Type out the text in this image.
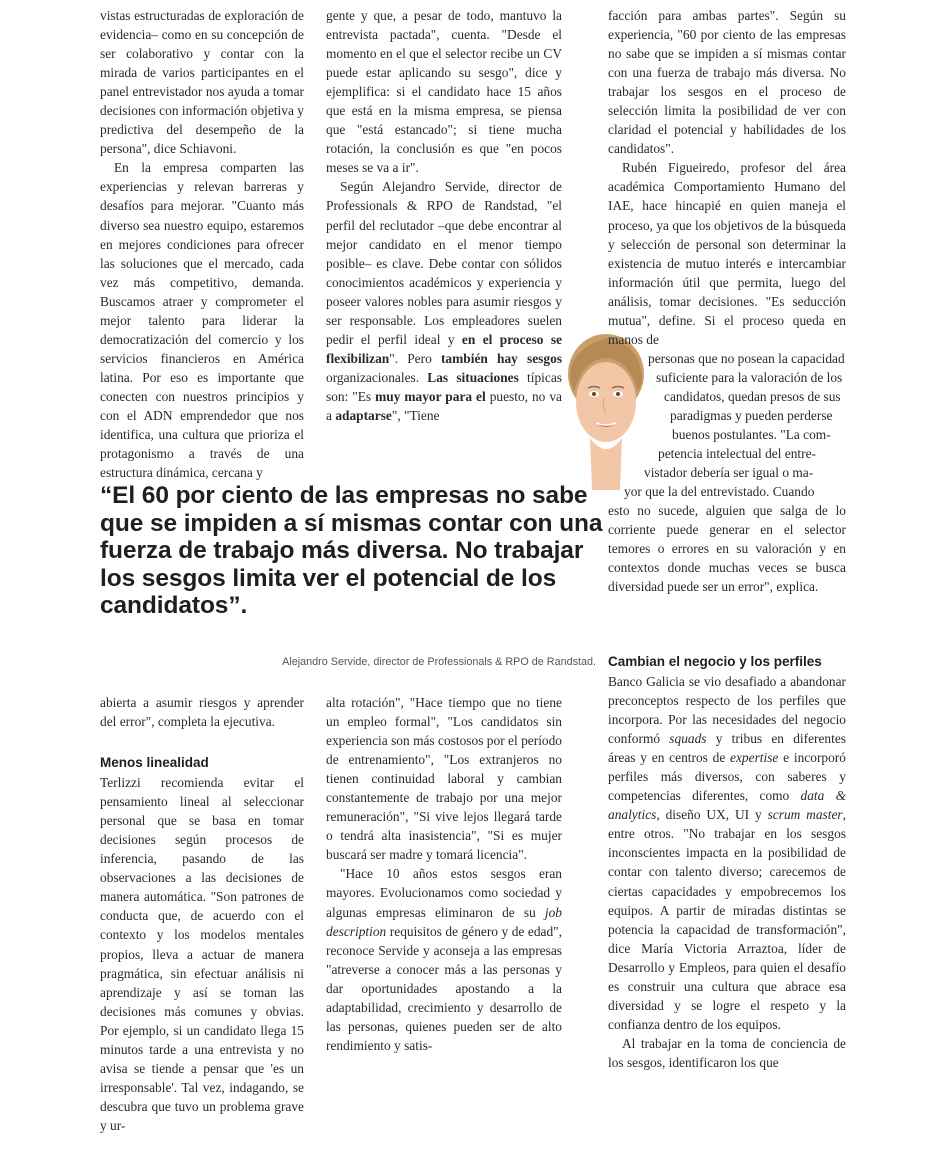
vistas estructuradas de exploración de evidencia– como en su concepción de ser colaborativo y contar con la mirada de varios participantes en el panel entrevistador nos ayuda a tomar decisiones con información objetiva y predictiva del desempeño de la persona", dice Schiavoni.

En la empresa comparten las experiencias y relevan barreras y desafíos para mejorar. "Cuanto más diverso sea nuestro equipo, estaremos en mejores condiciones para ofrecer las soluciones que el mercado, cada vez más competitivo, demanda. Buscamos atraer y comprometer el mejor talento para liderar la democratización del comercio y los servicios financieros en América latina. Por eso es importante que conecten con nuestros principios y con el ADN emprendedor que nos identifica, una cultura que prioriza el protagonismo a través de una estructura dinámica, cercana y

gente y que, a pesar de todo, mantuvo la entrevista pactada", cuenta. "Desde el momento en el que el selector recibe un CV puede estar aplicando su sesgo", dice y ejemplifica: si el candidato hace 15 años que está en la misma empresa, se piensa que "está estancado"; si tiene mucha rotación, la conclusión es que "en pocos meses se va a ir".

Según Alejandro Servide, director de Professionals & RPO de Randstad, "el perfil del reclutador –que debe encontrar al mejor candidato en el menor tiempo posible– es clave. Debe contar con sólidos conocimientos académicos y experiencia y poseer valores nobles para asumir riesgos y ser responsable. Los empleadores suelen pedir el perfil ideal y en el proceso se flexibilizan". Pero también hay sesgos organizacionales. Las situaciones típicas son: "Es muy mayor para el puesto, no va a adaptarse", "Tiene

facción para ambas partes". Según su experiencia, "60 por ciento de las empresas no sabe que se impiden a sí mismas contar con una fuerza de trabajo más diversa. No trabajar los sesgos en el proceso de selección limita la posibilidad de ver con claridad el potencial y habilidades de los candidatos".

Rubén Figueiredo, profesor del área académica Comportamiento Humano del IAE, hace hincapié en quien maneja el proceso, ya que los objetivos de la búsqueda y selección de personal son determinar la existencia de mutuo interés e intercambiar información útil que permita, luego del análisis, tomar decisiones. "Es seducción mutua", define. Si el proceso queda en manos de

personas que no posean la capacidad
suficiente para la valoración de los
candidatos, quedan presos de sus
paradigmas y pueden perderse
buenos postulantes. "La com-
petencia intelectual del entre-
vistador debería ser igual o ma-
yor que la del entrevistado. Cuando

esto no sucede, alguien que salga de lo corriente puede generar en el selector temores o errores en su valoración y en contextos donde muchas veces se busca diversidad puede ser un error", explica.

“El 60 por ciento de las empresas no sabe que se impiden a sí mismas contar con una fuerza de trabajo más diversa. No trabajar los sesgos limita ver el potencial de los candidatos”.
Alejandro Servide, director de Professionals & RPO de Randstad.

abierta a asumir riesgos y aprender del error", completa la ejecutiva.

Menos linealidad

Terlizzi recomienda evitar el pensamiento lineal al seleccionar personal que se basa en tomar decisiones según procesos de inferencia, pasando de las observaciones a las decisiones de manera automática. "Son patrones de conducta que, de acuerdo con el contexto y los modelos mentales propios, lleva a actuar de manera pragmática, sin efectuar análisis ni aprendizaje y así se toman las decisiones más comunes y obvias. Por ejemplo, si un candidato llega 15 minutos tarde a una entrevista y no avisa se tiende a pensar que 'es un irresponsable'. Tal vez, indagando, se descubra que tuvo un problema grave y ur-

alta rotación", "Hace tiempo que no tiene un empleo formal", "Los candidatos sin experiencia son más costosos por el período de entrenamiento", "Los extranjeros no tienen continuidad laboral y cambian constantemente de trabajo por una mejor remuneración", "Si vive lejos llegará tarde o tendrá alta inasistencia", "Si es mujer buscará ser madre y tomará licencia".

"Hace 10 años estos sesgos eran mayores. Evolucionamos como sociedad y algunas empresas eliminaron de su job description requisitos de género y de edad", reconoce Servide y aconseja a las empresas "atreverse a conocer más a las personas y dar oportunidades apostando a la adaptabilidad, crecimiento y desarrollo de las personas, quienes pueden ser de alto rendimiento y satis-

Cambian el negocio y los perfiles

Banco Galicia se vio desafiado a abandonar preconceptos respecto de los perfiles que incorpora. Por las necesidades del negocio conformó squads y tribus en diferentes áreas y en centros de expertise e incorporó perfiles más diversos, con saberes y competencias diferentes, como data & analytics, diseño UX, UI y scrum master, entre otros. "No trabajar en los sesgos inconscientes impacta en la posibilidad de contar con talento diverso; carecemos de ciertas capacidades y empobrecemos los equipos. A partir de miradas distintas se potencia la capacidad de transformación", dice María Victoria Arraztoa, líder de Desarrollo y Empleos, para quien el desafío es construir una cultura que abrace esa diversidad y se logre el respeto y la confianza dentro de los equipos.

Al trabajar en la toma de conciencia de los sesgos, identificaron los que
